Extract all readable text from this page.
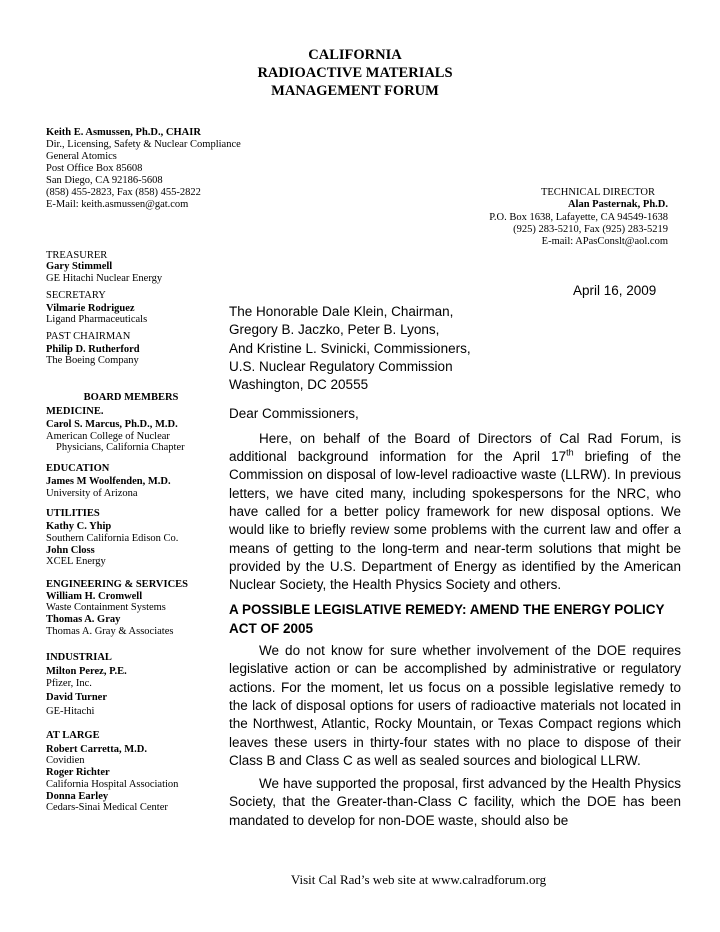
CALIFORNIA
RADIOACTIVE MATERIALS
MANAGEMENT FORUM
Keith E. Asmussen, Ph.D., CHAIR
Dir., Licensing, Safety & Nuclear Compliance
General Atomics
Post Office Box 85608
San Diego, CA 92186-5608
(858) 455-2823, Fax (858) 455-2822
E-Mail: keith.asmussen@gat.com
TECHNICAL DIRECTOR
Alan Pasternak, Ph.D.
P.O. Box 1638, Lafayette, CA 94549-1638
(925) 283-5210, Fax (925) 283-5219
E-mail: APasConslt@aol.com
TREASURER
Gary Stimmell
GE Hitachi Nuclear Energy
SECRETARY
Vilmarie Rodriguez
Ligand Pharmaceuticals
PAST CHAIRMAN
Philip D. Rutherford
The Boeing Company
BOARD MEMBERS
MEDICINE.
Carol S. Marcus, Ph.D., M.D.
American College of Nuclear
Physicians, California Chapter
EDUCATION
James M Woolfenden, M.D.
University of Arizona
UTILITIES
Kathy C. Yhip
Southern California Edison Co.
John Closs
XCEL Energy
ENGINEERING & SERVICES
William H. Cromwell
Waste Containment Systems
Thomas A. Gray
Thomas A. Gray & Associates
INDUSTRIAL
Milton Perez, P.E.
Pfizer, Inc.
David Turner
GE-Hitachi
AT LARGE
Robert Carretta, M.D.
Covidien
Roger Richter
California Hospital Association
Donna Earley
Cedars-Sinai Medical Center
April 16, 2009
The Honorable Dale Klein, Chairman,
Gregory B. Jaczko, Peter B. Lyons,
And Kristine L. Svinicki, Commissioners,
U.S. Nuclear Regulatory Commission
Washington, DC 20555

Dear Commissioners,

Here, on behalf of the Board of Directors of Cal Rad Forum, is additional background information for the April 17th briefing of the Commission on disposal of low-level radioactive waste (LLRW). In previous letters, we have cited many, including spokespersons for the NRC, who have called for a better policy framework for new disposal options. We would like to briefly review some problems with the current law and offer a means of getting to the long-term and near-term solutions that might be provided by the U.S. Department of Energy as identified by the American Nuclear Society, the Health Physics Society and others.

A POSSIBLE LEGISLATIVE REMEDY: AMEND THE ENERGY POLICY ACT OF 2005

We do not know for sure whether involvement of the DOE requires legislative action or can be accomplished by administrative or regulatory actions. For the moment, let us focus on a possible legislative remedy to the lack of disposal options for users of radioactive materials not located in the Northwest, Atlantic, Rocky Mountain, or Texas Compact regions which leaves these users in thirty-four states with no place to dispose of their Class B and Class C as well as sealed sources and biological LLRW.

We have supported the proposal, first advanced by the Health Physics Society, that the Greater-than-Class C facility, which the DOE has been mandated to develop for non-DOE waste, should also be

Visit Cal Rad’s web site at www.calradforum.org
